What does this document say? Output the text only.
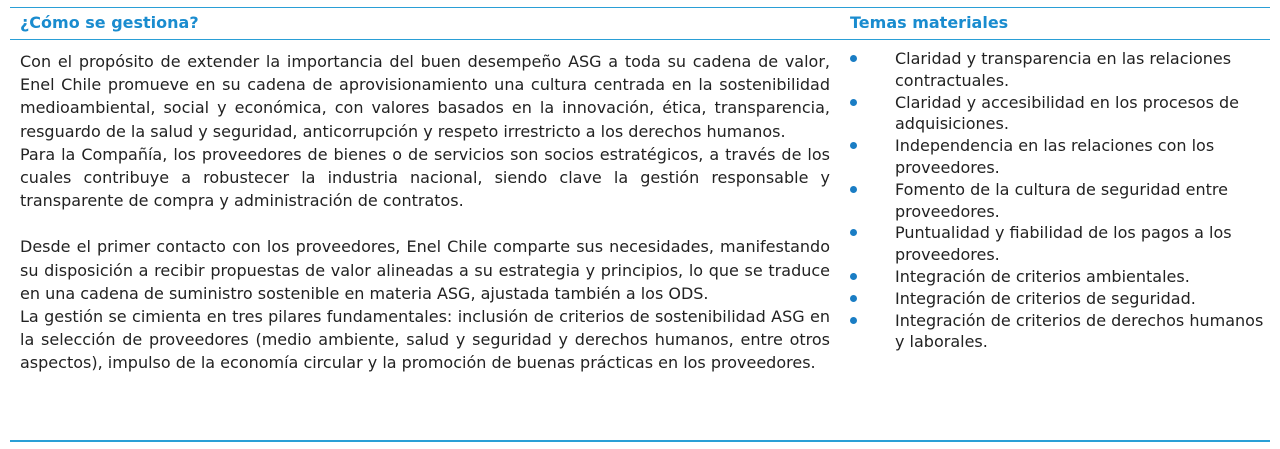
¿Cómo se gestiona?	Temas materiales

Con el propósito de extender la importancia del buen desempeño ASG a toda su cadena de valor, Enel Chile promueve en su cadena de aprovisionamiento una cultura centrada en la sostenibilidad medioambiental, social y económica, con valores basados en la innovación, ética, transparencia, resguardo de la salud y seguridad, anticorrupción y respeto irrestricto a los derechos humanos.

Para la Compañía, los proveedores de bienes o de servicios son socios estratégicos, a través de los cuales contribuye a robustecer la industria nacional, siendo clave la gestión responsable y transparente de compra y administración de contratos.

Desde el primer contacto con los proveedores, Enel Chile comparte sus necesidades, manifestando su disposición a recibir propuestas de valor alineadas a su estrategia y principios, lo que se traduce en una cadena de suministro sostenible en materia ASG, ajustada también a los ODS.

La gestión se cimienta en tres pilares fundamentales: inclusión de criterios de sostenibilidad ASG en la selección de proveedores (medio ambiente, salud y seguridad y derechos humanos, entre otros aspectos), impulso de la economía circular y la promoción de buenas prácticas en los proveedores.

Claridad y transparencia en las relaciones contractuales.
Claridad y accesibilidad en los procesos de adquisiciones.
Independencia en las relaciones con los proveedores.
Fomento de la cultura de seguridad entre proveedores.
Puntualidad y fiabilidad de los pagos a los proveedores.
Integración de criterios ambientales.
Integración de criterios de seguridad.
Integración de criterios de derechos humanos y laborales.
